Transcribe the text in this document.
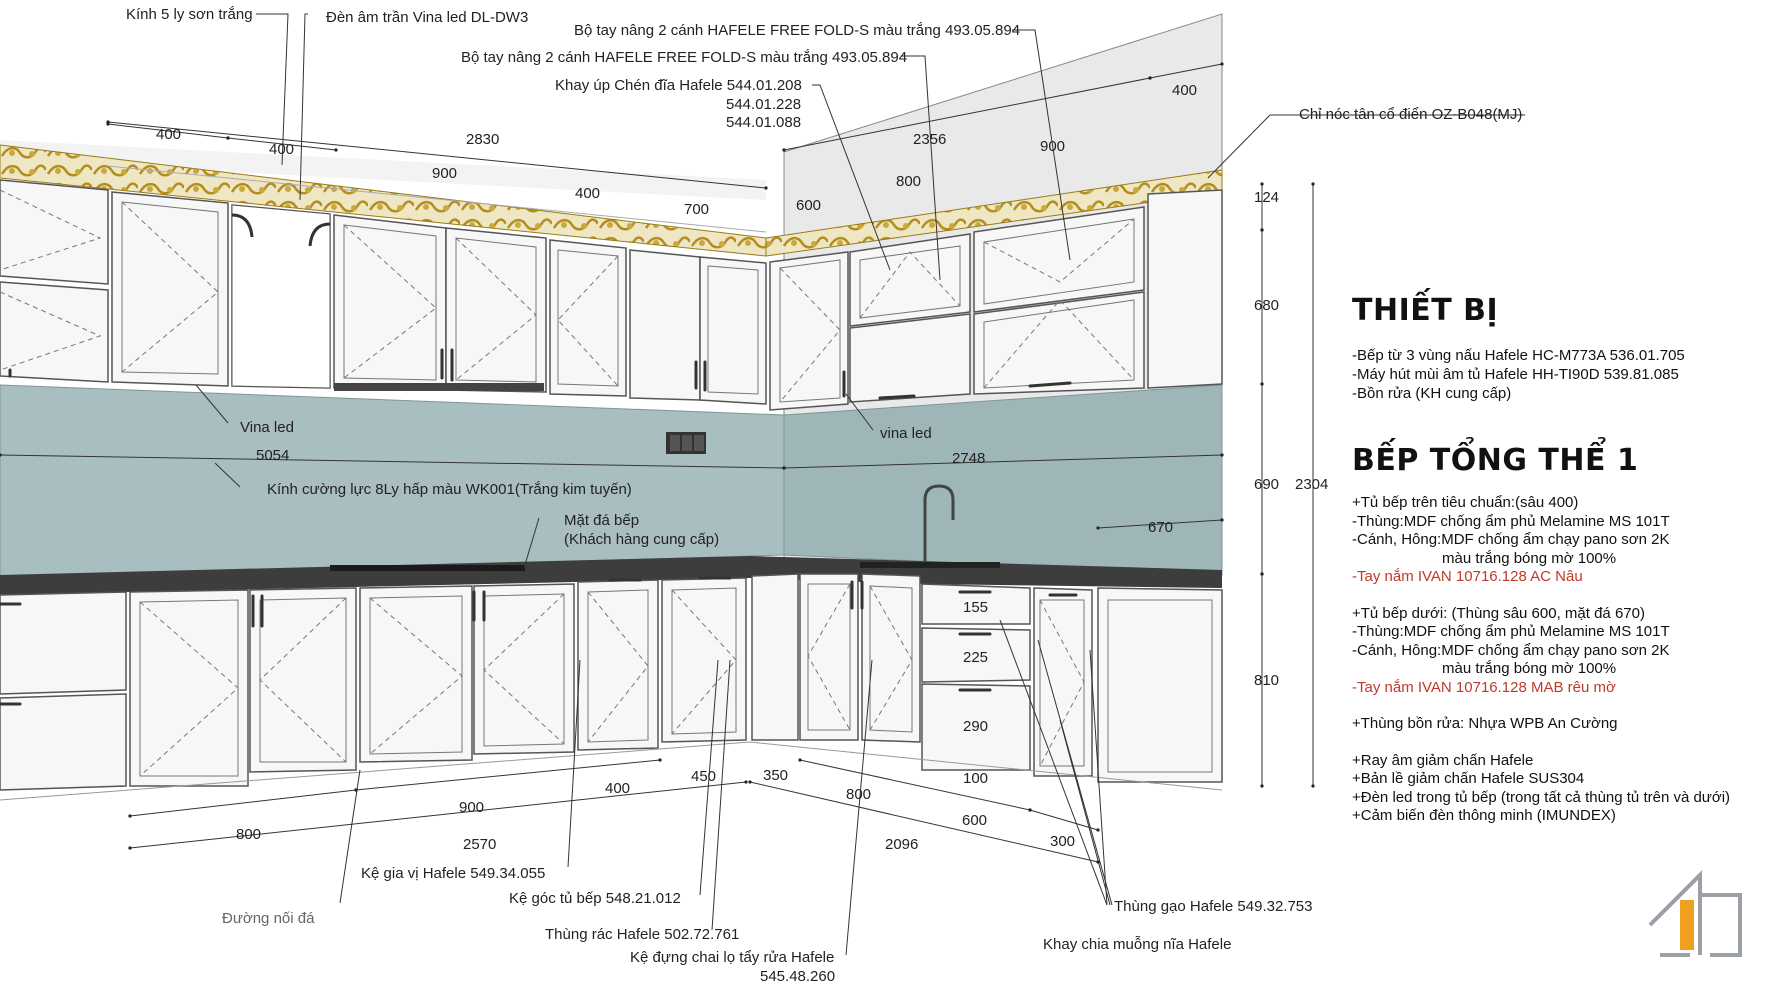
Kính 5 ly sơn trắng	Đèn âm trần Vina led DL-DW3
Bộ tay nâng 2 cánh HAFELE FREE FOLD-S màu trắng 493.05.894
Bộ tay nâng 2 cánh HAFELE FREE FOLD-S màu trắng 493.05.894
Khay úp Chén đĩa Hafele 544.01.208
544.01.228
544.01.088	Chỉ nóc tân cổ điển OZ-B048(MJ)
Vina led	vina led
Kính cường lực 8Ly hấp màu WK001(Trắng kim tuyến)
Mặt đá bếp
(Khách hàng cung cấp)
Kệ gia vị Hafele 549.34.055
Kệ góc tủ bếp 548.21.012
Đường nối đá
Thùng rác Hafele 502.72.761
Kệ đựng chai lọ tẩy rửa Hafele
545.48.260
Thùng gạo Hafele 549.32.753
Khay chia muỗng nĩa Hafele
400
400
2830
900
400
700	600
2356
800
900
400
124
680
690 2304
810
5054	2748
670
155
225
290
100
800
900
400
450	350
2570
800
600
300
2096
THIẾT BỊ
-Bếp từ 3 vùng nấu Hafele HC-M773A 536.01.705
-Máy hút mùi âm tủ Hafele HH-TI90D 539.81.085
-Bồn rửa (KH cung cấp)
BẾP TỔNG THỂ 1
+Tủ bếp trên tiêu chuẩn:(sâu 400)
-Thùng:MDF chống ẩm phủ Melamine MS 101T
-Cánh, Hông:MDF chống ẩm chạy pano sơn 2K
màu trắng bóng mờ 100%
-Tay nắm IVAN 10716.128 AC Nâu
+Tủ bếp dưới: (Thùng sâu 600, mặt đá 670)
-Thùng:MDF chống ẩm phủ Melamine MS 101T
-Cánh, Hông:MDF chống ẩm chạy pano sơn 2K
màu trắng bóng mờ 100%
-Tay nắm IVAN 10716.128 MAB rêu mờ
+Thùng bồn rửa: Nhựa WPB An Cường
+Ray âm giảm chấn Hafele
+Bản lề giảm chấn Hafele SUS304
+Đèn led trong tủ bếp (trong tất cả thùng tủ trên và dưới)
+Cảm biến đèn thông minh (IMUNDEX)
